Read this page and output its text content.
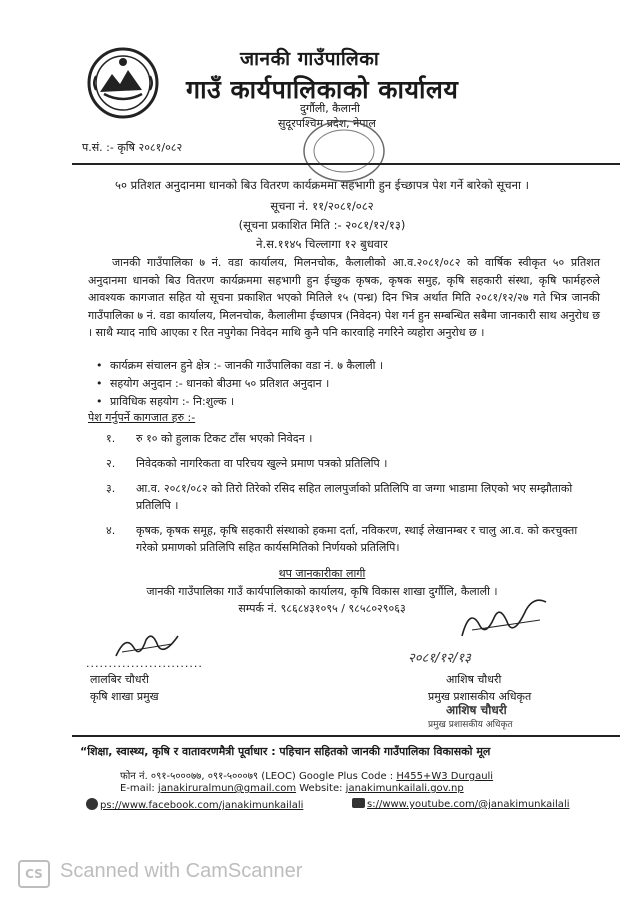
जानकी गाउँपालिका
गाउँ कार्यपालिकाको कार्यालय
दुर्गौली, कैलानी
सुदूरपश्चिम प्रदेश, नेपाल
प.सं. :- कृषि २०८१/०८२
५० प्रतिशत अनुदानमा धानको बिउ वितरण कार्यक्रममा सहभागी हुन ईच्छापत्र पेश गर्ने बारेको सूचना ।
सूचना नं. ११/२०८१/०८२
(सूचना प्रकाशित मिति :- २०८१/१२/१३)
ने.स.११४५ चिल्लागा १२ बुधवार
जानकी गाउँपालिका ७ नं. वडा कार्यालय, मिलनचोक, कैलालीको आ.व.२०८१/०८२ को वार्षिक स्वीकृत ५० प्रतिशत अनुदानमा धानको बिउ वितरण कार्यक्रममा सहभागी हुन ईच्छुक कृषक, कृषक समुह, कृषि सहकारी संस्था, कृषि फार्महरुले आवश्यक कागजात सहित यो सूचना प्रकाशित भएको मितिले १५ (पन्ध्र) दिन भित्र अर्थात मिति २०८१/१२/२७ गते भित्र जानकी गाउँपालिका ७ नं. वडा कार्यालय, मिलनचोक, कैलालीमा ईच्छापत्र (निवेदन) पेश गर्न हुन सम्बन्धित सबैमा जानकारी साथ अनुरोध छ । साथै म्याद नाघि आएका र रित नपुगेका निवेदन माथि कुनै पनि कारवाहि नगरिने व्यहोरा अनुरोध छ ।
• कार्यक्रम संचालन हुने क्षेत्र :- जानकी गाउँपालिका वडा नं. ७ कैलाली ।
• सहयोग अनुदान :- धानको बीउमा ५० प्रतिशत अनुदान ।
• प्राविधिक सहयोग :- नि:शुल्क ।
पेश गर्नुपर्ने कागजात हरु :-
१. रु १० को हुलाक टिकट टाँस भएको निवेदन ।
२. निवेदकको नागरिकता वा परिचय खुल्ने प्रमाण पत्रको प्रतिलिपि ।
३. आ.व. २०८१/०८२ को तिरो तिरेको रसिद सहित लालपुर्जाको प्रतिलिपि वा जग्गा भाडामा लिएको भए सम्झौताको प्रतिलिपि ।
४. कृषक, कृषक समूह, कृषि सहकारी संस्थाको हकमा दर्ता, नविकरण, स्थाई लेखानम्बर र चालु आ.व. को करचुक्ता गरेको प्रमाणको प्रतिलिपि सहित कार्यसमितिको निर्णयको प्रतिलिपि।
थप जानकारीका लागी
जानकी गाउँपालिका गाउँ कार्यपालिकाको कार्यालय, कृषि विकास शाखा दुर्गौलि, कैलाली ।
सम्पर्क नं. ९८६८४३१०९५ / ९८५८०२९०६३
..........................
लालबिर चौधरी
कृषि शाखा प्रमुख
२०८१/१२/१३
आशिष चौधरी
प्रमुख प्रशासकीय अधिकृत
आशिष चौधरी
प्रमुख प्रशासकीय अधिकृत
“शिक्षा, स्वास्थ्य, कृषि र वातावरणमैत्री पूर्वाधार : पहिचान सहितको जानकी गाउँपालिका विकासको मूल
फोन नं. ०९१-५०००७७, ०९१-५०००७९ (LEOC) Google Plus Code : H455+W3 Durgauli
E-mail: janakiruralmun@gmail.com Website: janakimunkailali.gov.np
ps://www.facebook.com/janakimunkailali	s://www.youtube.com/@janakimunkailali
CS Scanned with CamScanner
